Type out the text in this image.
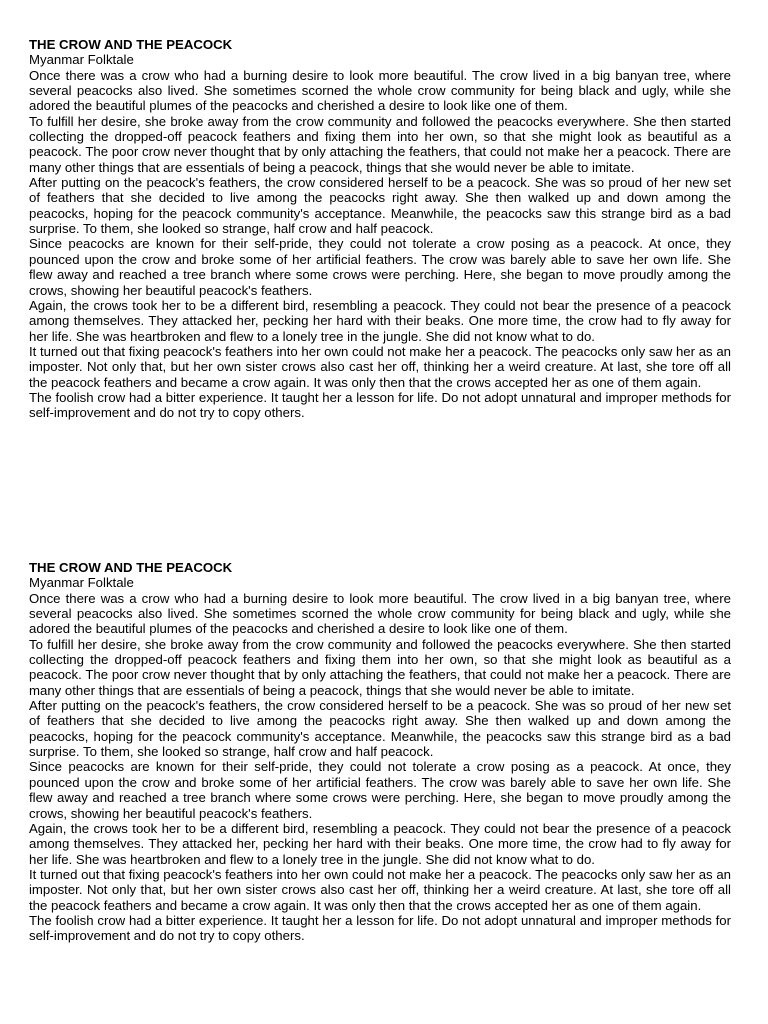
THE CROW AND THE PEACOCK
Myanmar Folktale

Once there was a crow who had a burning desire to look more beautiful. The crow lived in a big banyan tree, where several peacocks also lived. She sometimes scorned the whole crow community for being black and ugly, while she adored the beautiful plumes of the peacocks and cherished a desire to look like one of them.

To fulfill her desire, she broke away from the crow community and followed the peacocks everywhere. She then started collecting the dropped-off peacock feathers and fixing them into her own, so that she might look as beautiful as a peacock. The poor crow never thought that by only attaching the feathers, that could not make her a peacock. There are many other things that are essentials of being a peacock, things that she would never be able to imitate.

After putting on the peacock's feathers, the crow considered herself to be a peacock. She was so proud of her new set of feathers that she decided to live among the peacocks right away. She then walked up and down among the peacocks, hoping for the peacock community's acceptance. Meanwhile, the peacocks saw this strange bird as a bad surprise. To them, she looked so strange, half crow and half peacock.

Since peacocks are known for their self-pride, they could not tolerate a crow posing as a peacock. At once, they pounced upon the crow and broke some of her artificial feathers. The crow was barely able to save her own life. She flew away and reached a tree branch where some crows were perching. Here, she began to move proudly among the crows, showing her beautiful peacock's feathers.

Again, the crows took her to be a different bird, resembling a peacock. They could not bear the presence of a peacock among themselves. They attacked her, pecking her hard with their beaks. One more time, the crow had to fly away for her life. She was heartbroken and flew to a lonely tree in the jungle. She did not know what to do.

It turned out that fixing peacock's feathers into her own could not make her a peacock. The peacocks only saw her as an imposter. Not only that, but her own sister crows also cast her off, thinking her a weird creature. At last, she tore off all the peacock feathers and became a crow again. It was only then that the crows accepted her as one of them again.

The foolish crow had a bitter experience. It taught her a lesson for life. Do not adopt unnatural and improper methods for self-improvement and do not try to copy others.

THE CROW AND THE PEACOCK
Myanmar Folktale

Once there was a crow who had a burning desire to look more beautiful. The crow lived in a big banyan tree, where several peacocks also lived. She sometimes scorned the whole crow community for being black and ugly, while she adored the beautiful plumes of the peacocks and cherished a desire to look like one of them.

To fulfill her desire, she broke away from the crow community and followed the peacocks everywhere. She then started collecting the dropped-off peacock feathers and fixing them into her own, so that she might look as beautiful as a peacock. The poor crow never thought that by only attaching the feathers, that could not make her a peacock. There are many other things that are essentials of being a peacock, things that she would never be able to imitate.

After putting on the peacock's feathers, the crow considered herself to be a peacock. She was so proud of her new set of feathers that she decided to live among the peacocks right away. She then walked up and down among the peacocks, hoping for the peacock community's acceptance. Meanwhile, the peacocks saw this strange bird as a bad surprise. To them, she looked so strange, half crow and half peacock.

Since peacocks are known for their self-pride, they could not tolerate a crow posing as a peacock. At once, they pounced upon the crow and broke some of her artificial feathers. The crow was barely able to save her own life. She flew away and reached a tree branch where some crows were perching. Here, she began to move proudly among the crows, showing her beautiful peacock's feathers.

Again, the crows took her to be a different bird, resembling a peacock. They could not bear the presence of a peacock among themselves. They attacked her, pecking her hard with their beaks. One more time, the crow had to fly away for her life. She was heartbroken and flew to a lonely tree in the jungle. She did not know what to do.

It turned out that fixing peacock's feathers into her own could not make her a peacock. The peacocks only saw her as an imposter. Not only that, but her own sister crows also cast her off, thinking her a weird creature. At last, she tore off all the peacock feathers and became a crow again. It was only then that the crows accepted her as one of them again.

The foolish crow had a bitter experience. It taught her a lesson for life. Do not adopt unnatural and improper methods for self-improvement and do not try to copy others.
